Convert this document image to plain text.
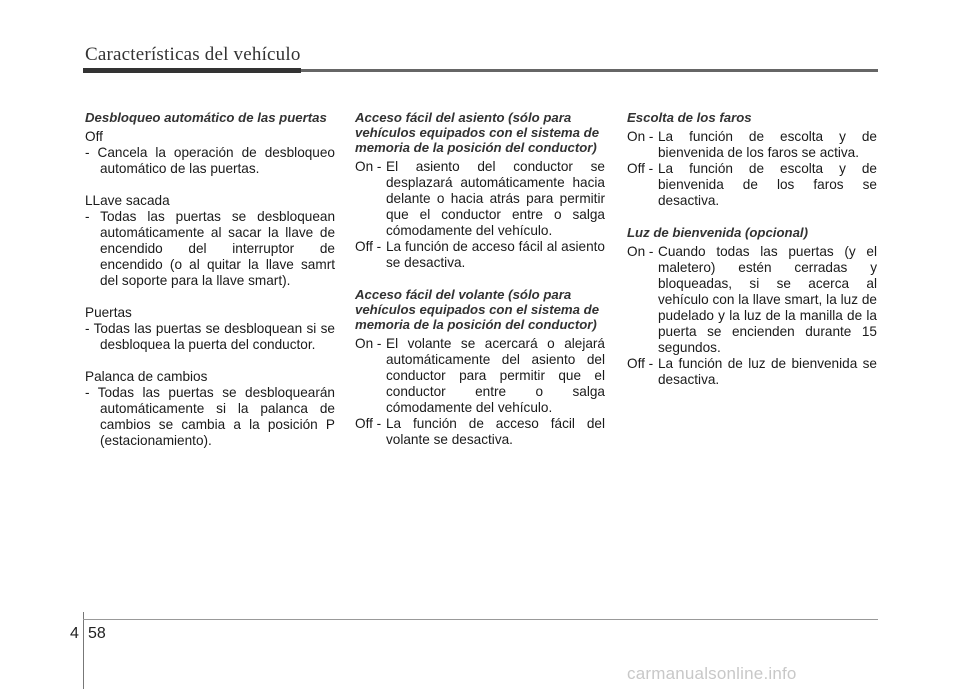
Características del vehículo

Desbloqueo automático de las puertas

Off

- Cancela la operación de desbloqueo automático de las puertas.

LLave sacada

- Todas las puertas se desbloquean automáticamente al sacar la llave de encendido del interruptor de encendido (o al quitar la llave samrt del soporte para la llave smart).

Puertas

- Todas las puertas se desbloquean si se desbloquea la puerta del conductor.

Palanca de cambios

- Todas las puertas se desbloquearán automáticamente si la palanca de cambios se cambia a la posición P (estacionamiento).

Acceso fácil del asiento (sólo para vehículos equipados con el sistema de memoria de la posición del conductor)

On - El asiento del conductor se desplazará automáticamente hacia delante o hacia atrás para permitir que el conductor entre o salga cómodamente del vehículo.
Off - La función de acceso fácil al asiento se desactiva.

Acceso fácil del volante (sólo para vehículos equipados con el sistema de memoria de la posición del conductor)

On - El volante se acercará o alejará automáticamente del asiento del conductor para permitir que el conductor entre o salga cómodamente del vehículo.
Off - La función de acceso fácil del volante se desactiva.

Escolta de los faros

On - La función de escolta y de bienvenida de los faros se activa.
Off - La función de escolta y de bienvenida de los faros se desactiva.

Luz de bienvenida (opcional)

On - Cuando todas las puertas (y el maletero) estén cerradas y bloqueadas, si se acerca al vehículo con la llave smart, la luz de pudelado y la luz de la manilla de la puerta se encienden durante 15 segundos.
Off - La función de luz de bienvenida se desactiva.
4 58
carmanualsonline.info
